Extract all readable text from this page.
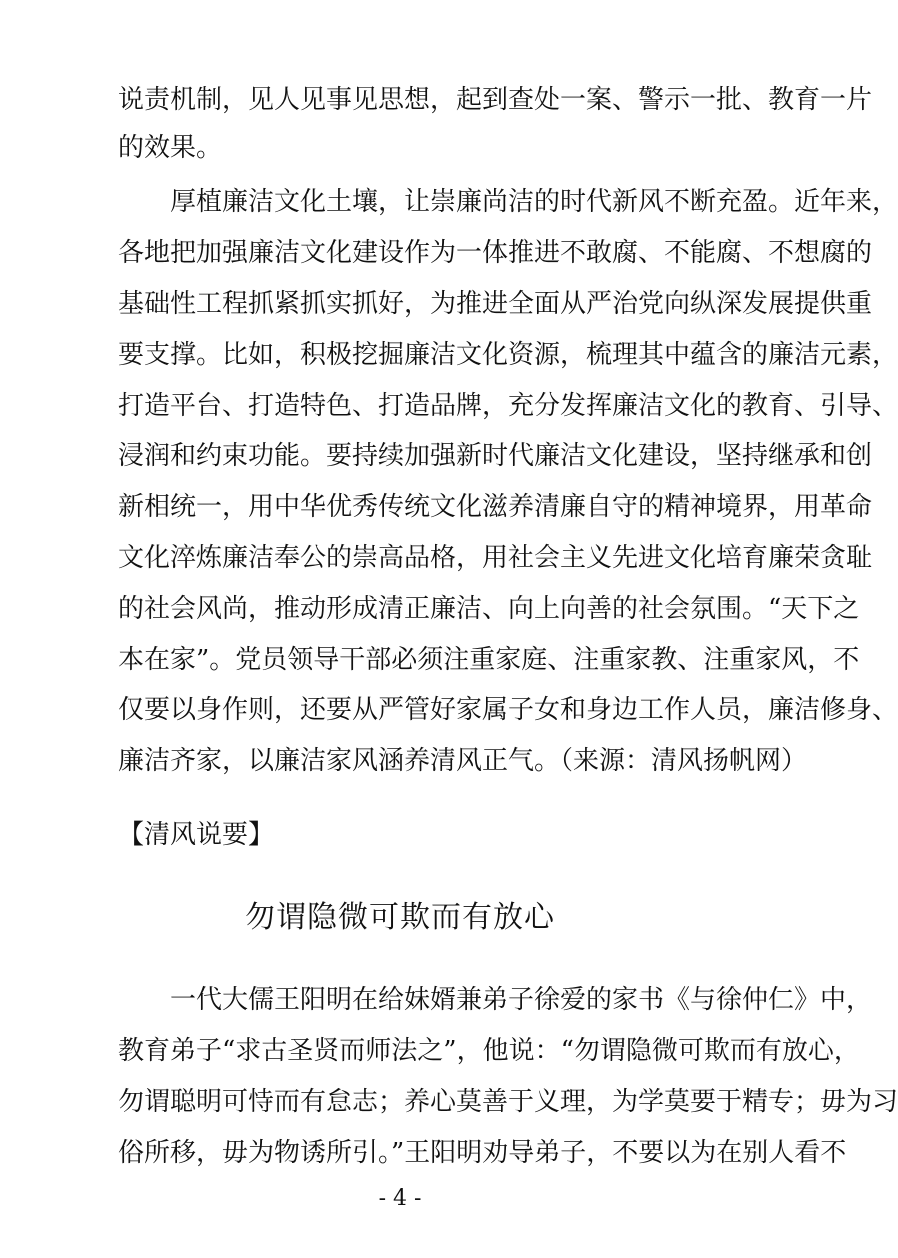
说责机制，见人见事见思想，起到查处一案、警示一批、教育一片
的效果。
　　厚植廉洁文化土壤，让崇廉尚洁的时代新风不断充盈。近年来，
各地把加强廉洁文化建设作为一体推进不敢腐、不能腐、不想腐的
基础性工程抓紧抓实抓好，为推进全面从严治党向纵深发展提供重
要支撑。比如，积极挖掘廉洁文化资源，梳理其中蕴含的廉洁元素，
打造平台、打造特色、打造品牌，充分发挥廉洁文化的教育、引导、
浸润和约束功能。要持续加强新时代廉洁文化建设，坚持继承和创
新相统一，用中华优秀传统文化滋养清廉自守的精神境界，用革命
文化淬炼廉洁奉公的崇高品格，用社会主义先进文化培育廉荣贪耻
的社会风尚，推动形成清正廉洁、向上向善的社会氛围。“天下之
本在家”。党员领导干部必须注重家庭、注重家教、注重家风，不
仅要以身作则，还要从严管好家属子女和身边工作人员，廉洁修身、
廉洁齐家，以廉洁家风涵养清风正气。（来源：清风扬帆网）
【清风说要】
勿谓隐微可欺而有放心
　　一代大儒王阳明在给妹婿兼弟子徐爱的家书《与徐仲仁》中，
教育弟子“求古圣贤而师法之”，他说：“勿谓隐微可欺而有放心，
勿谓聪明可恃而有怠志；养心莫善于义理，为学莫要于精专；毋为习
俗所移，毋为物诱所引。”王阳明劝导弟子，不要以为在别人看不
- 4 -
